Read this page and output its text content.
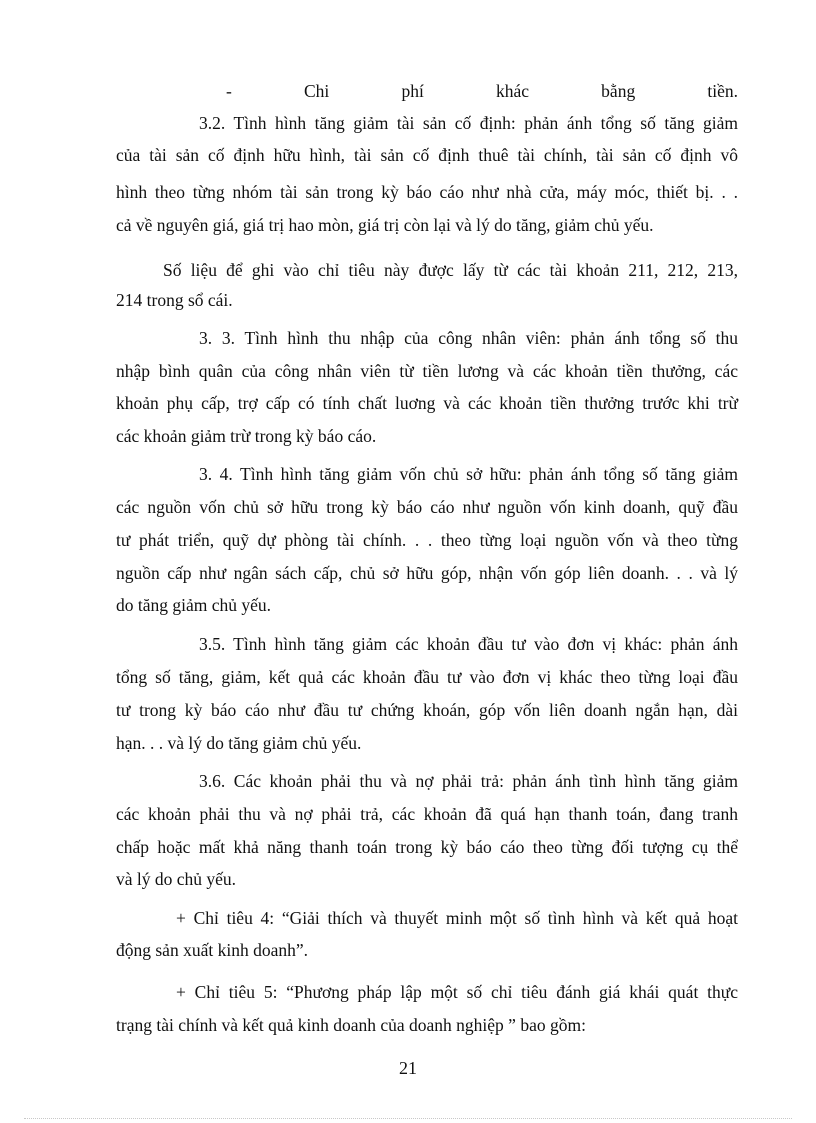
- Chi phí khác bằng tiền.
3.2. Tình hình tăng giảm tài sản cố định: phản ánh tổng số tăng giảm
của tài sản cố định hữu hình, tài sản cố định thuê tài chính, tài sản cố định vô
hình theo từng nhóm tài sản trong kỳ báo cáo như nhà cửa, máy móc, thiết bị. . .
cả về nguyên giá, giá trị hao mòn, giá trị còn lại và lý do tăng, giảm chủ yếu.
Số liệu để ghi vào chỉ tiêu này được lấy từ các tài khoản 211, 212, 213,
214 trong sổ cái.
3. 3. Tình hình thu nhập của công nhân viên: phản ánh tổng số thu
nhập bình quân của công nhân viên từ tiền lương và các khoản tiền thưởng, các
khoản phụ cấp, trợ cấp có tính chất luơng và các khoản tiền thưởng trước khi trừ
các khoản giảm trừ trong kỳ báo cáo.
3. 4. Tình hình tăng giảm vốn chủ sở hữu: phản ánh tổng số tăng giảm
các nguồn vốn chủ sở hữu trong kỳ báo cáo như nguồn vốn kinh doanh, quỹ đầu
tư phát triển, quỹ dự phòng tài chính. . . theo từng loại nguồn vốn và theo từng
nguồn cấp như ngân sách cấp, chủ sở hữu góp, nhận vốn góp liên doanh. . . và lý
do tăng giảm chủ yếu.
3.5. Tình hình tăng giảm các khoản đầu tư vào đơn vị khác: phản ánh
tổng số tăng, giảm, kết quả các khoản đầu tư vào đơn vị khác theo từng loại đầu
tư trong kỳ báo cáo như đầu tư chứng khoán, góp vốn liên doanh ngắn hạn, dài
hạn. . . và lý do tăng giảm chủ yếu.
3.6. Các khoản phải thu và nợ phải trả: phản ánh tình hình tăng giảm
các khoản phải thu và nợ phải trả, các khoản đã quá hạn thanh toán, đang tranh
chấp hoặc mất khả năng thanh toán trong kỳ báo cáo theo từng đối tượng cụ thể
và lý do chủ yếu.
+ Chỉ tiêu 4: “Giải thích và thuyết minh một số tình hình và kết quả hoạt
động sản xuất kinh doanh”.
+ Chỉ tiêu 5: “Phương pháp lập một số chỉ tiêu đánh giá khái quát thực
trạng tài chính và kết quả kinh doanh của doanh nghiệp ” bao gồm:
21
